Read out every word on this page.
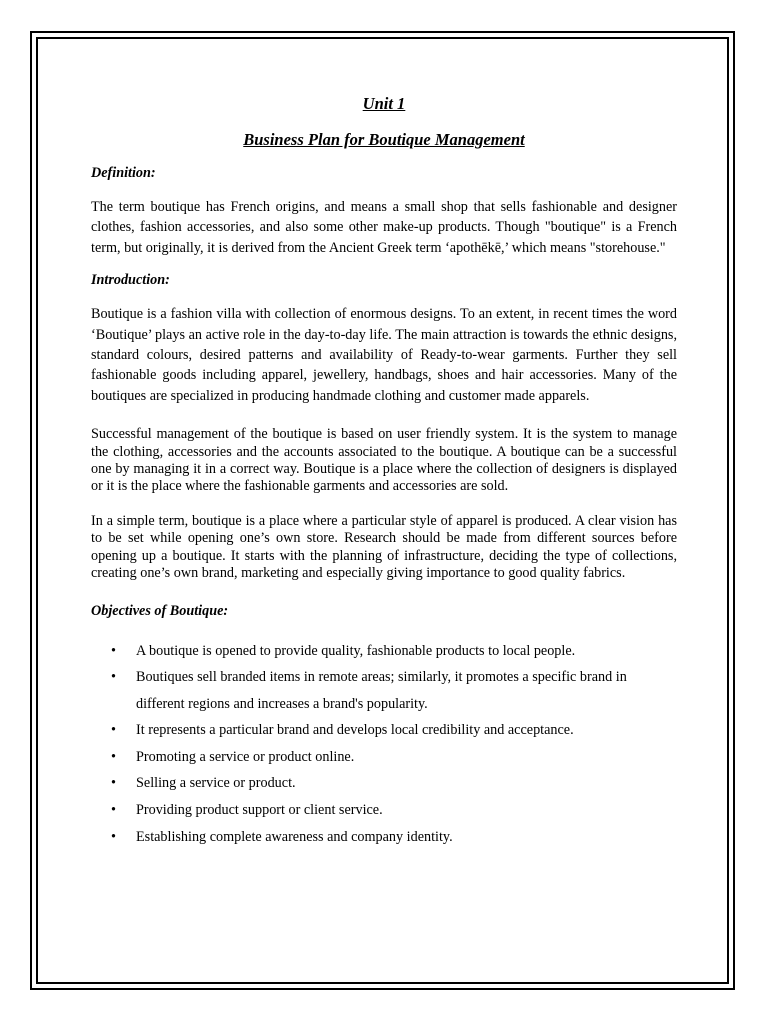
Unit 1

Business Plan for Boutique Management

Definition:

The term boutique has French origins, and means a small shop that sells fashionable and designer clothes, fashion accessories, and also some other make-up products. Though "boutique" is a French term, but originally, it is derived from the Ancient Greek term ‘apothēkē,’ which means "storehouse."

Introduction:

Boutique is a fashion villa with collection of enormous designs. To an extent, in recent times the word ‘Boutique’ plays an active role in the day-to-day life. The main attraction is towards the ethnic designs, standard colours, desired patterns and availability of Ready-to-wear garments. Further they sell fashionable goods including apparel, jewellery, handbags, shoes and hair accessories. Many of the boutiques are specialized in producing handmade clothing and customer made apparels.

Successful management of the boutique is based on user friendly system. It is the system to manage the clothing, accessories and the accounts associated to the boutique. A boutique can be a successful one by managing it in a correct way. Boutique is a place where the collection of designers is displayed or it is the place where the fashionable garments and accessories are sold.

In a simple term, boutique is a place where a particular style of apparel is produced. A clear vision has to be set while opening one’s own store. Research should be made from different sources before opening up a boutique. It starts with the planning of infrastructure, deciding the type of collections, creating one’s own brand, marketing and especially giving importance to good quality fabrics.

Objectives of Boutique:

• A boutique is opened to provide quality, fashionable products to local people.
• Boutiques sell branded items in remote areas; similarly, it promotes a specific brand in different regions and increases a brand's popularity.
• It represents a particular brand and develops local credibility and acceptance.
• Promoting a service or product online.
• Selling a service or product.
• Providing product support or client service.
• Establishing complete awareness and company identity.
